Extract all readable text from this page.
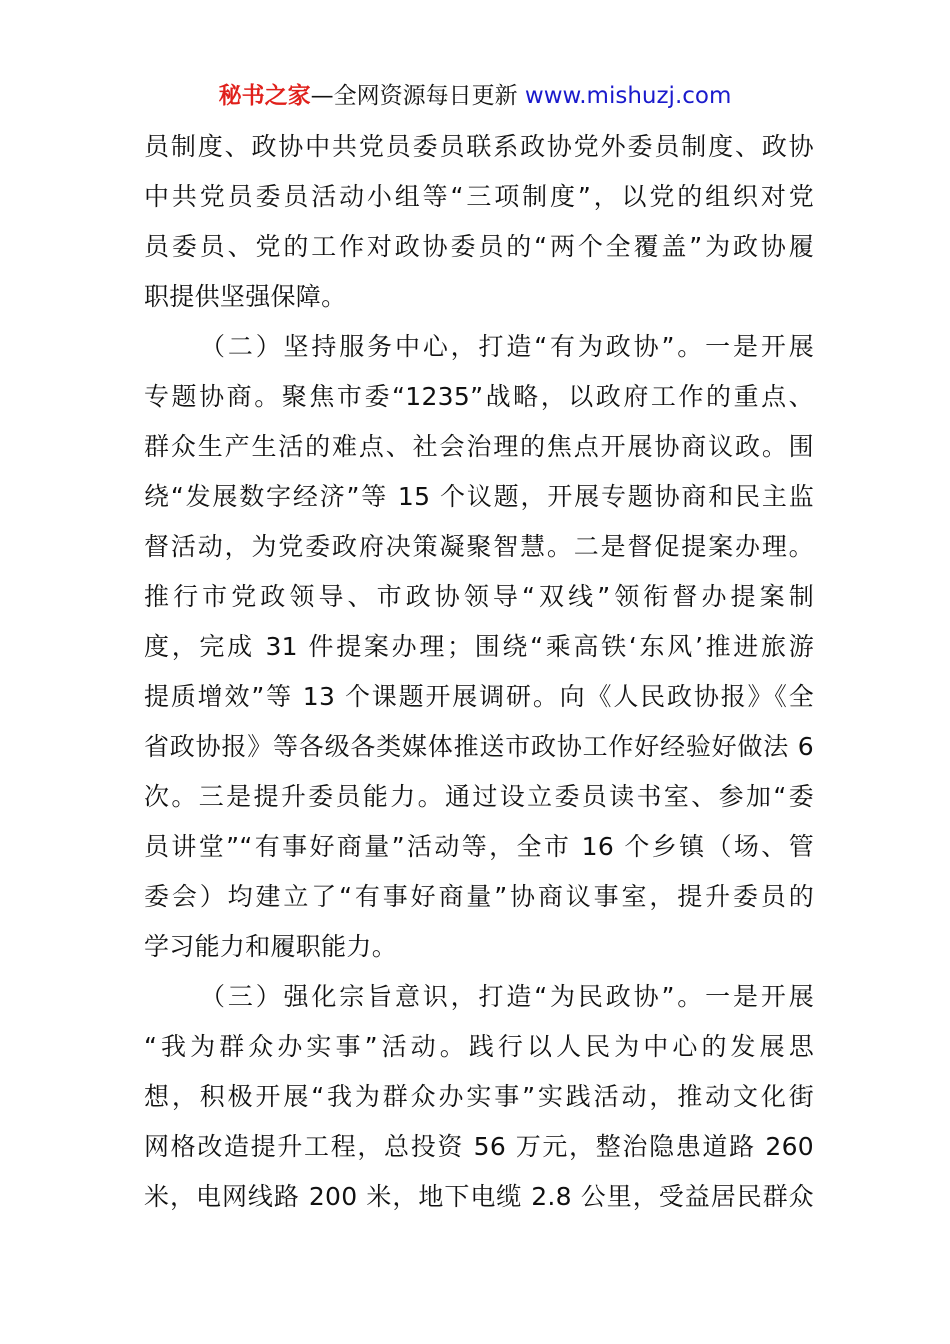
秘书之家—全网资源每日更新 www.mishuzj.com
员制度、政协中共党员委员联系政协党外委员制度、政协
中共党员委员活动小组等“三项制度”，以党的组织对党
员委员、党的工作对政协委员的“两个全覆盖”为政协履
职提供坚强保障。
（二）坚持服务中心，打造“有为政协”。一是开展
专题协商。聚焦市委“1235”战略，以政府工作的重点、
群众生产生活的难点、社会治理的焦点开展协商议政。围
绕“发展数字经济”等 15 个议题，开展专题协商和民主监
督活动，为党委政府决策凝聚智慧。二是督促提案办理。
推行市党政领导、市政协领导“双线”领衔督办提案制
度，完成 31 件提案办理；围绕“乘高铁‘东风’推进旅游
提质增效”等 13 个课题开展调研。向《人民政协报》《全
省政协报》等各级各类媒体推送市政协工作好经验好做法 6
次。三是提升委员能力。通过设立委员读书室、参加“委
员讲堂”“有事好商量”活动等，全市 16 个乡镇（场、管
委会）均建立了“有事好商量”协商议事室，提升委员的
学习能力和履职能力。
（三）强化宗旨意识，打造“为民政协”。一是开展
“我为群众办实事”活动。践行以人民为中心的发展思
想，积极开展“我为群众办实事”实践活动，推动文化街
网格改造提升工程，总投资 56 万元，整治隐患道路 260
米，电网线路 200 米，地下电缆 2.8 公里，受益居民群众
